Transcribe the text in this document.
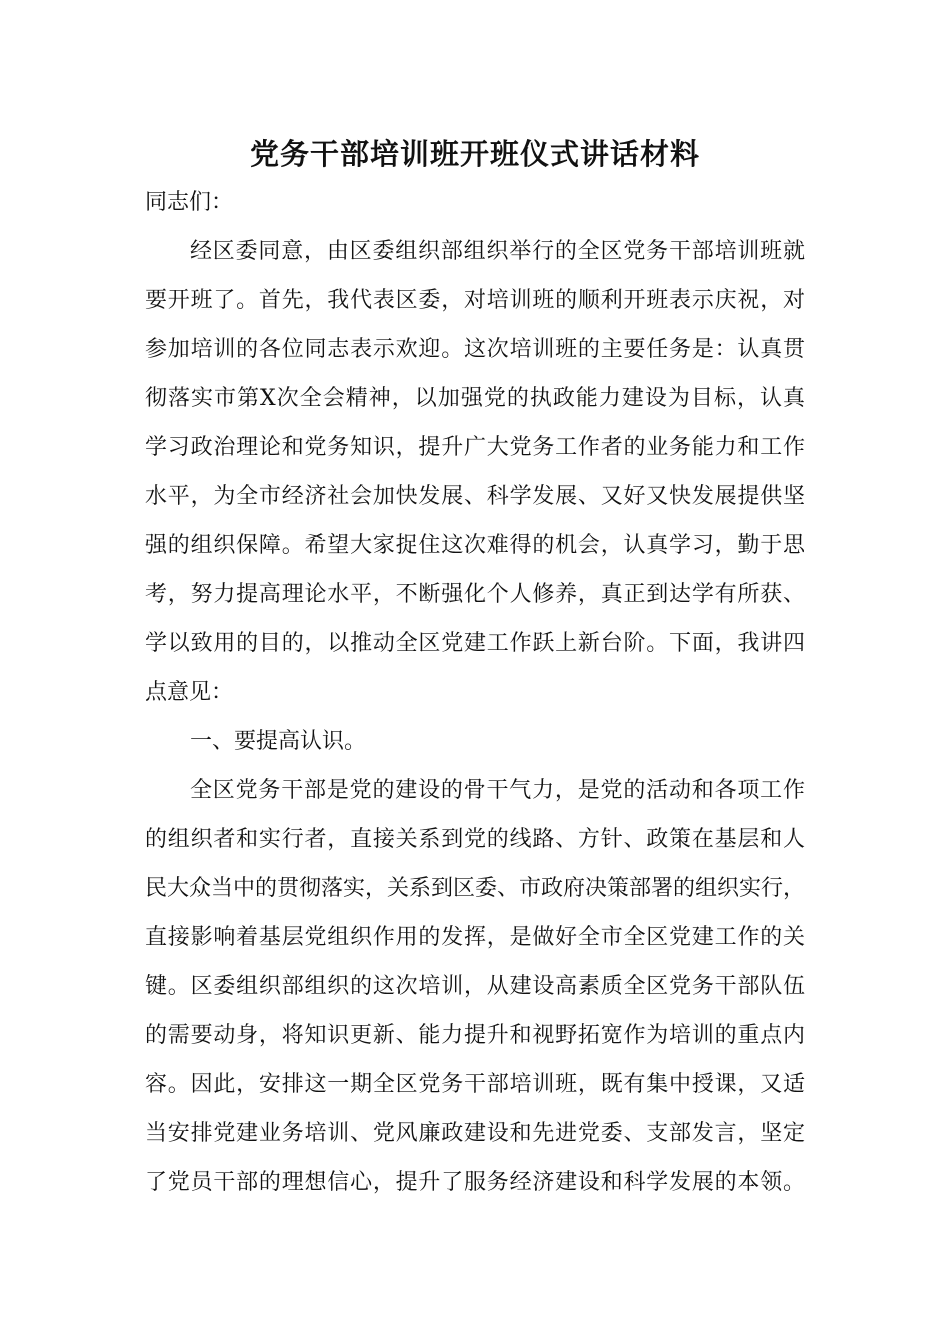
党务干部培训班开班仪式讲话材料
同志们：
经区委同意，由区委组织部组织举行的全区党务干部培训班就
要开班了。首先，我代表区委，对培训班的顺利开班表示庆祝，对
参加培训的各位同志表示欢迎。这次培训班的主要任务是：认真贯
彻落实市第X次全会精神，以加强党的执政能力建设为目标，认真
学习政治理论和党务知识，提升广大党务工作者的业务能力和工作
水平，为全市经济社会加快发展、科学发展、又好又快发展提供坚
强的组织保障。希望大家捉住这次难得的机会，认真学习，勤于思
考，努力提高理论水平，不断强化个人修养，真正到达学有所获、
学以致用的目的，以推动全区党建工作跃上新台阶。下面，我讲四
点意见：
一、要提高认识。
全区党务干部是党的建设的骨干气力，是党的活动和各项工作
的组织者和实行者，直接关系到党的线路、方针、政策在基层和人
民大众当中的贯彻落实，关系到区委、市政府决策部署的组织实行，
直接影响着基层党组织作用的发挥，是做好全市全区党建工作的关
键。区委组织部组织的这次培训，从建设高素质全区党务干部队伍
的需要动身，将知识更新、能力提升和视野拓宽作为培训的重点内
容。因此，安排这一期全区党务干部培训班，既有集中授课，又适
当安排党建业务培训、党风廉政建设和先进党委、支部发言，坚定
了党员干部的理想信心，提升了服务经济建设和科学发展的本领。
